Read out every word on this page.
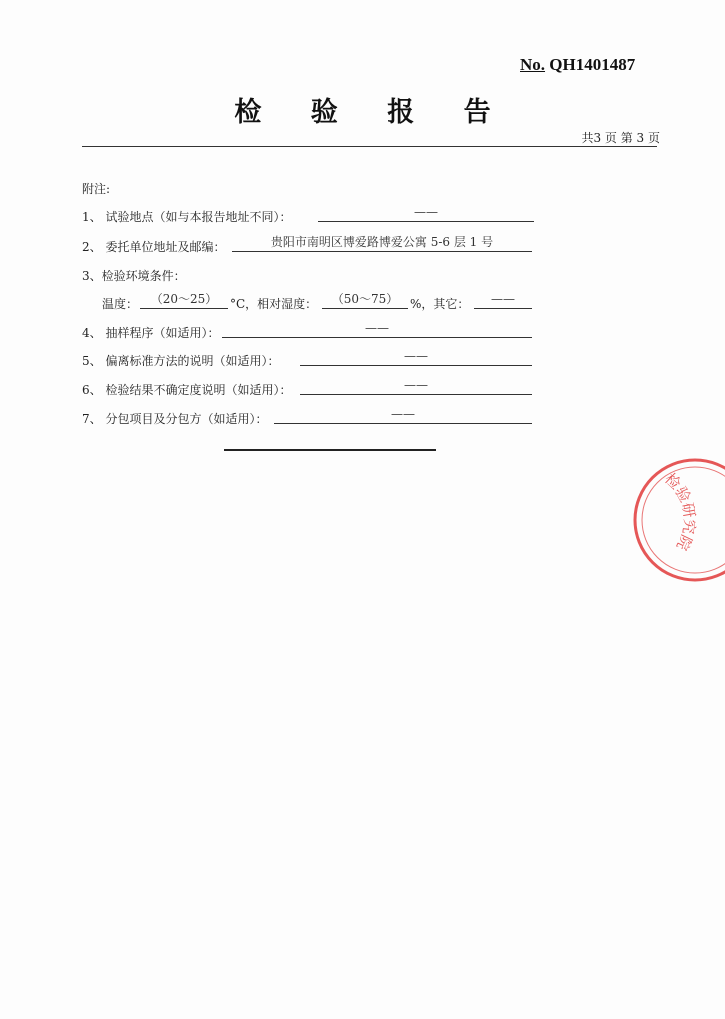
No. QH1401487
检 验 报 告
共3 页 第 3 页
附注:
1、 试验地点（如与本报告地址不同）：	——
2、 委托单位地址及邮编：	贵阳市南明区博爱路博爱公寓 5-6 层 1 号
3、检验环境条件：
温度：	（20～25）	°C，相对湿度：	（50～75） %，其它：	——
4、 抽样程序（如适用）：	——
5、 偏离标准方法的说明（如适用）：	——
6、 检验结果不确定度说明（如适用）：	——
7、 分包项目及分包方（如适用）：	——
检验研究院
